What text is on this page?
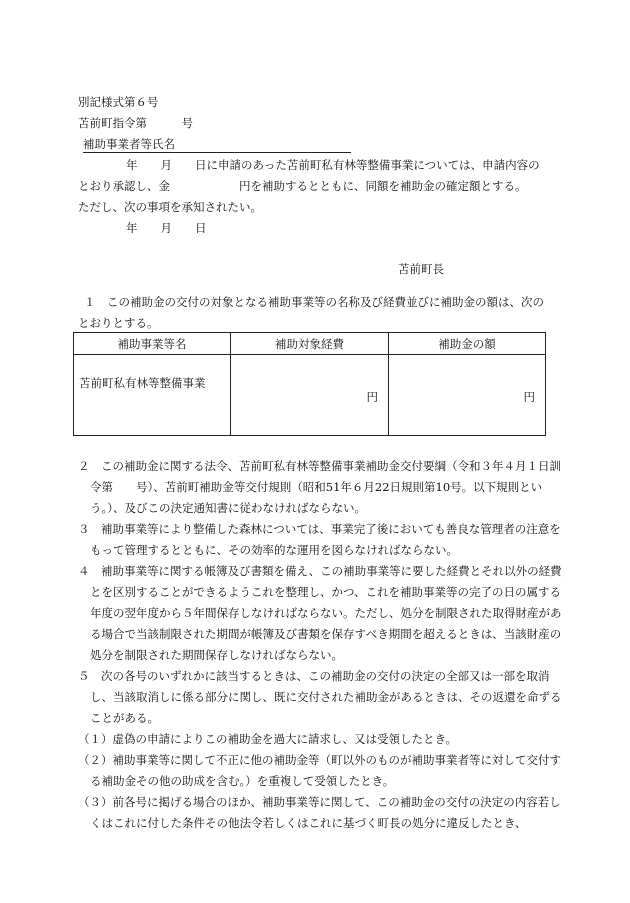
別記様式第６号
苫前町指令第　　　号
補助事業者等氏名
年　　月　　日に申請のあった苫前町私有林等整備事業については、申請内容の
とおり承認し、金　　　　　　円を補助するとともに、同額を補助金の確定額とする。
ただし、次の事項を承知されたい。
年　　月　　日
苫前町長
１　この補助金の交付の対象となる補助事業等の名称及び経費並びに補助金の額は、次の
とおりとする。
補助事業等名	補助対象経費	補助金の額

苫前町私有林等整備事業	円	円
２　この補助金に関する法令、苫前町私有林等整備事業補助金交付要綱（令和３年４月１日訓令第　　号）、苫前町補助金等交付規則（昭和51年６月22日規則第10号。以下規則という。）、及びこの決定通知書に従わなければならない。
３　補助事業等により整備した森林については、事業完了後においても善良な管理者の注意をもって管理するとともに、その効率的な運用を図らなければならない。
４　補助事業等に関する帳簿及び書類を備え、この補助事業等に要した経費とそれ以外の経費とを区別することができるようこれを整理し、かつ、これを補助事業等の完了の日の属する年度の翌年度から５年間保存しなければならない。ただし、処分を制限された取得財産がある場合で当該制限された期間が帳簿及び書類を保存すべき期間を超えるときは、当該財産の処分を制限された期間保存しなければならない。
５　次の各号のいずれかに該当するときは、この補助金の交付の決定の全部又は一部を取消し、当該取消しに係る部分に関し、既に交付された補助金があるときは、その返還を命ずることがある。
（１）虚偽の申請によりこの補助金を過大に請求し、又は受領したとき。
（２）補助事業等に関して不正に他の補助金等（町以外のものが補助事業者等に対して交付する補助金その他の助成を含む。）を重複して受領したとき。
（３）前各号に掲げる場合のほか、補助事業等に関して、この補助金の交付の決定の内容若しくはこれに付した条件その他法令若しくはこれに基づく町長の処分に違反したとき、
